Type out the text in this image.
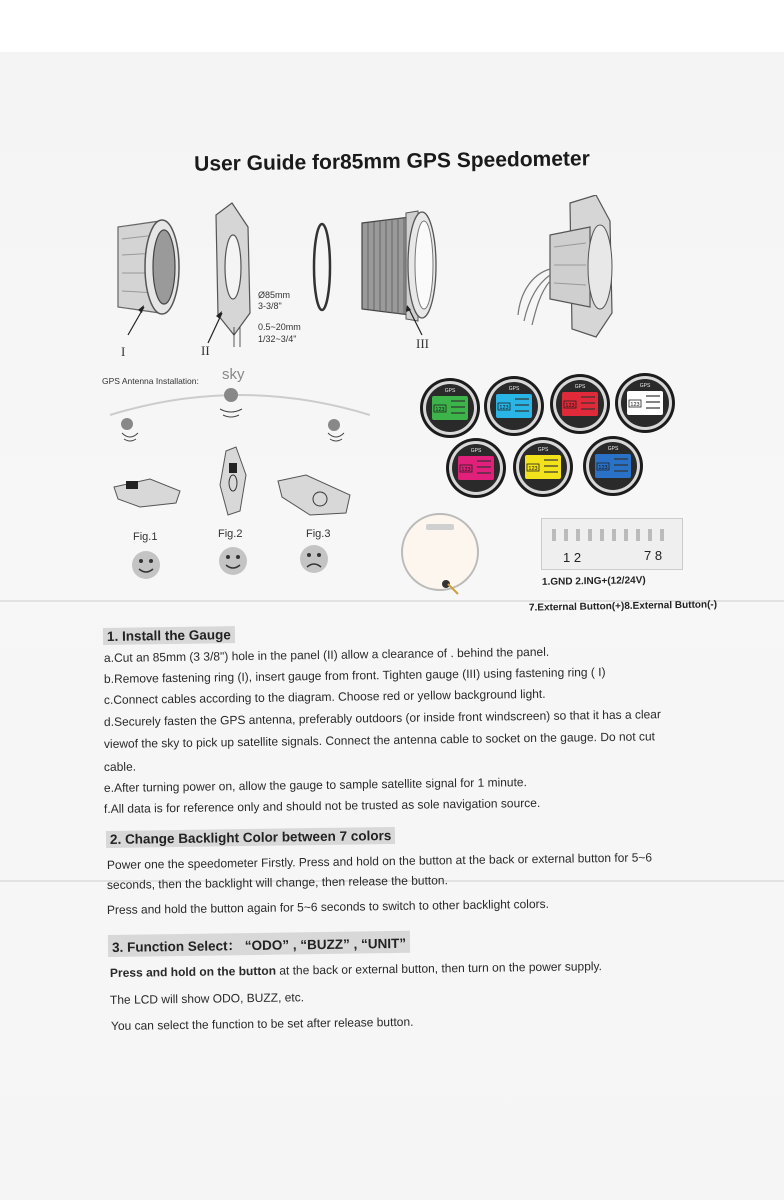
User Guide for85mm GPS Speedometer
I	II	III
Ø85mm
3-3/8"
0.5~20mm
1/32~3/4"
GPS Antenna Installation: sky
Fig.1	Fig.2	Fig.3
GPS
123
GPS
123
GPS
123
GPS
123
GPS
123
GPS
123
GPS
123
1 2	7 8
1.GND 2.ING+(12/24V)
7.External Button(+)8.External Button(-)
1. Install the Gauge
a.Cut an 85mm (3 3/8") hole in the panel (II) allow a clearance of . behind the panel.
b.Remove fastening ring (I), insert gauge from front. Tighten gauge (III) using fastening ring ( I)
c.Connect cables according to the diagram. Choose red or yellow background light.
d.Securely fasten the GPS antenna, preferably outdoors (or inside front windscreen) so that it has a clear
viewof the sky to pick up satellite signals. Connect the antenna cable to socket on the gauge. Do not cut
cable.
e.After turning power on, allow the gauge to sample satellite signal for 1 minute.
f.All data is for reference only and should not be trusted as sole navigation source.
2. Change Backlight Color between 7 colors
Power one the speedometer Firstly. Press and hold on the button at the back or external button for 5~6
seconds, then the backlight will change, then release the button.
Press and hold the button again for 5~6 seconds to switch to other backlight colors.
3. Function Select： “ODO” , “BUZZ” , “UNIT”
Press and hold on the button at the back or external button, then turn on the power supply.
The LCD will show ODO, BUZZ, etc.
You can select the function to be set after release button.
